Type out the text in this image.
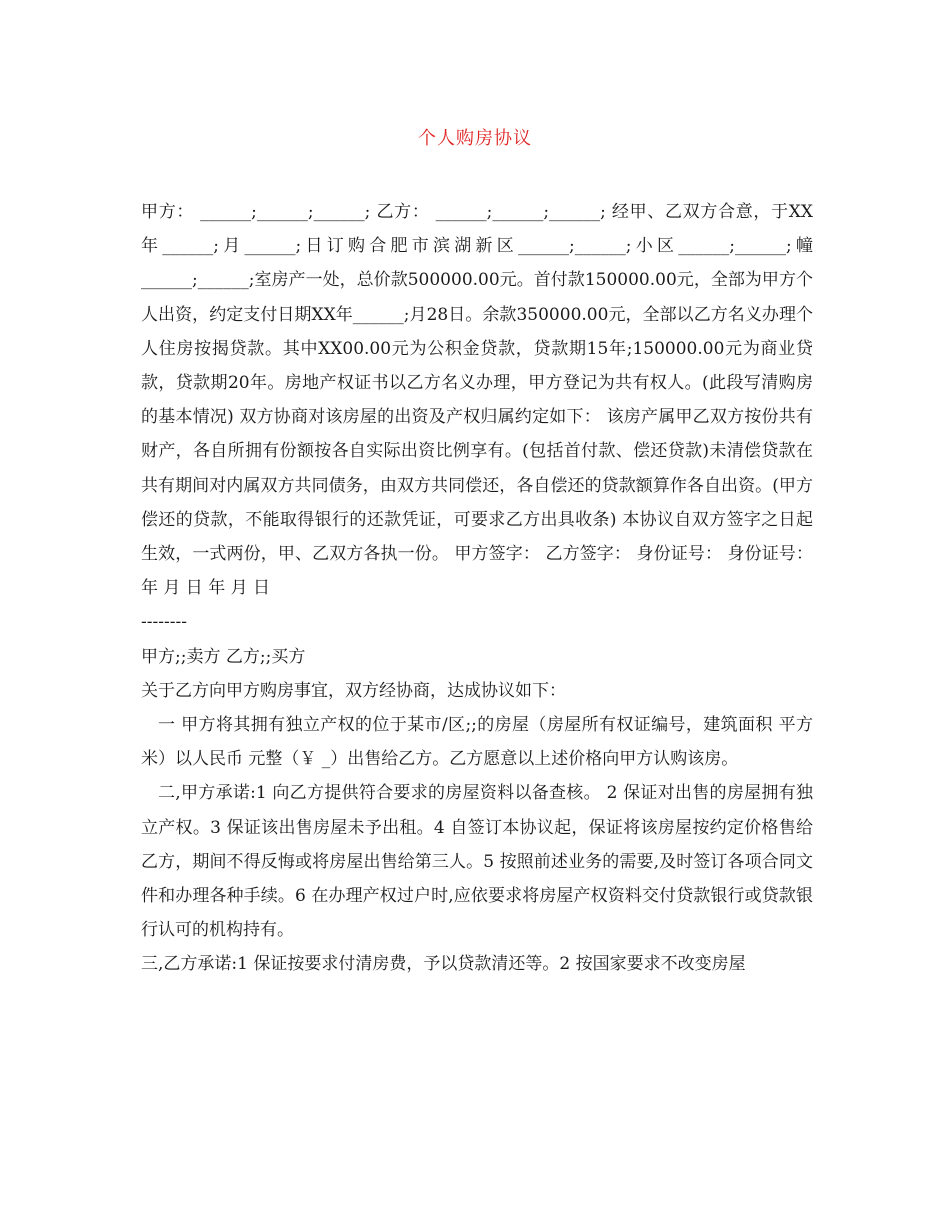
个人购房协议

甲方： ______;______;______; 乙方： ______;______;______; 经甲、乙双方合意，于XX年______;月______;日订购合肥市滨湖新区______;______;小区______;______;幢______;______;室房产一处，总价款500000.00元。首付款150000.00元，全部为甲方个人出资，约定支付日期XX年______;月28日。余款350000.00元，全部以乙方名义办理个人住房按揭贷款。其中XX00.00元为公积金贷款，贷款期15年;150000.00元为商业贷款，贷款期20年。房地产权证书以乙方名义办理，甲方登记为共有权人。(此段写清购房的基本情况) 双方协商对该房屋的出资及产权归属约定如下： 该房产属甲乙双方按份共有财产，各自所拥有份额按各自实际出资比例享有。(包括首付款、偿还贷款)未清偿贷款在共有期间对内属双方共同债务，由双方共同偿还，各自偿还的贷款额算作各自出资。(甲方偿还的贷款，不能取得银行的还款凭证，可要求乙方出具收条) 本协议自双方签字之日起生效，一式两份，甲、乙双方各执一份。 甲方签字： 乙方签字： 身份证号： 身份证号： 年 月 日 年 月 日

--------

甲方;;卖方 乙方;;买方

关于乙方向甲方购房事宜，双方经协商，达成协议如下：

一 甲方将其拥有独立产权的位于某市/区;;的房屋（房屋所有权证编号，建筑面积 平方米）以人民币 元整（￥ _）出售给乙方。乙方愿意以上述价格向甲方认购该房。

二,甲方承诺:1 向乙方提供符合要求的房屋资料以备查核。 2 保证对出售的房屋拥有独立产权。3 保证该出售房屋未予出租。4 自签订本协议起，保证将该房屋按约定价格售给乙方，期间不得反悔或将房屋出售给第三人。5 按照前述业务的需要,及时签订各项合同文件和办理各种手续。6 在办理产权过户时,应依要求将房屋产权资料交付贷款银行或贷款银行认可的机构持有。

三,乙方承诺:1 保证按要求付清房费，予以贷款清还等。2 按国家要求不改变房屋
